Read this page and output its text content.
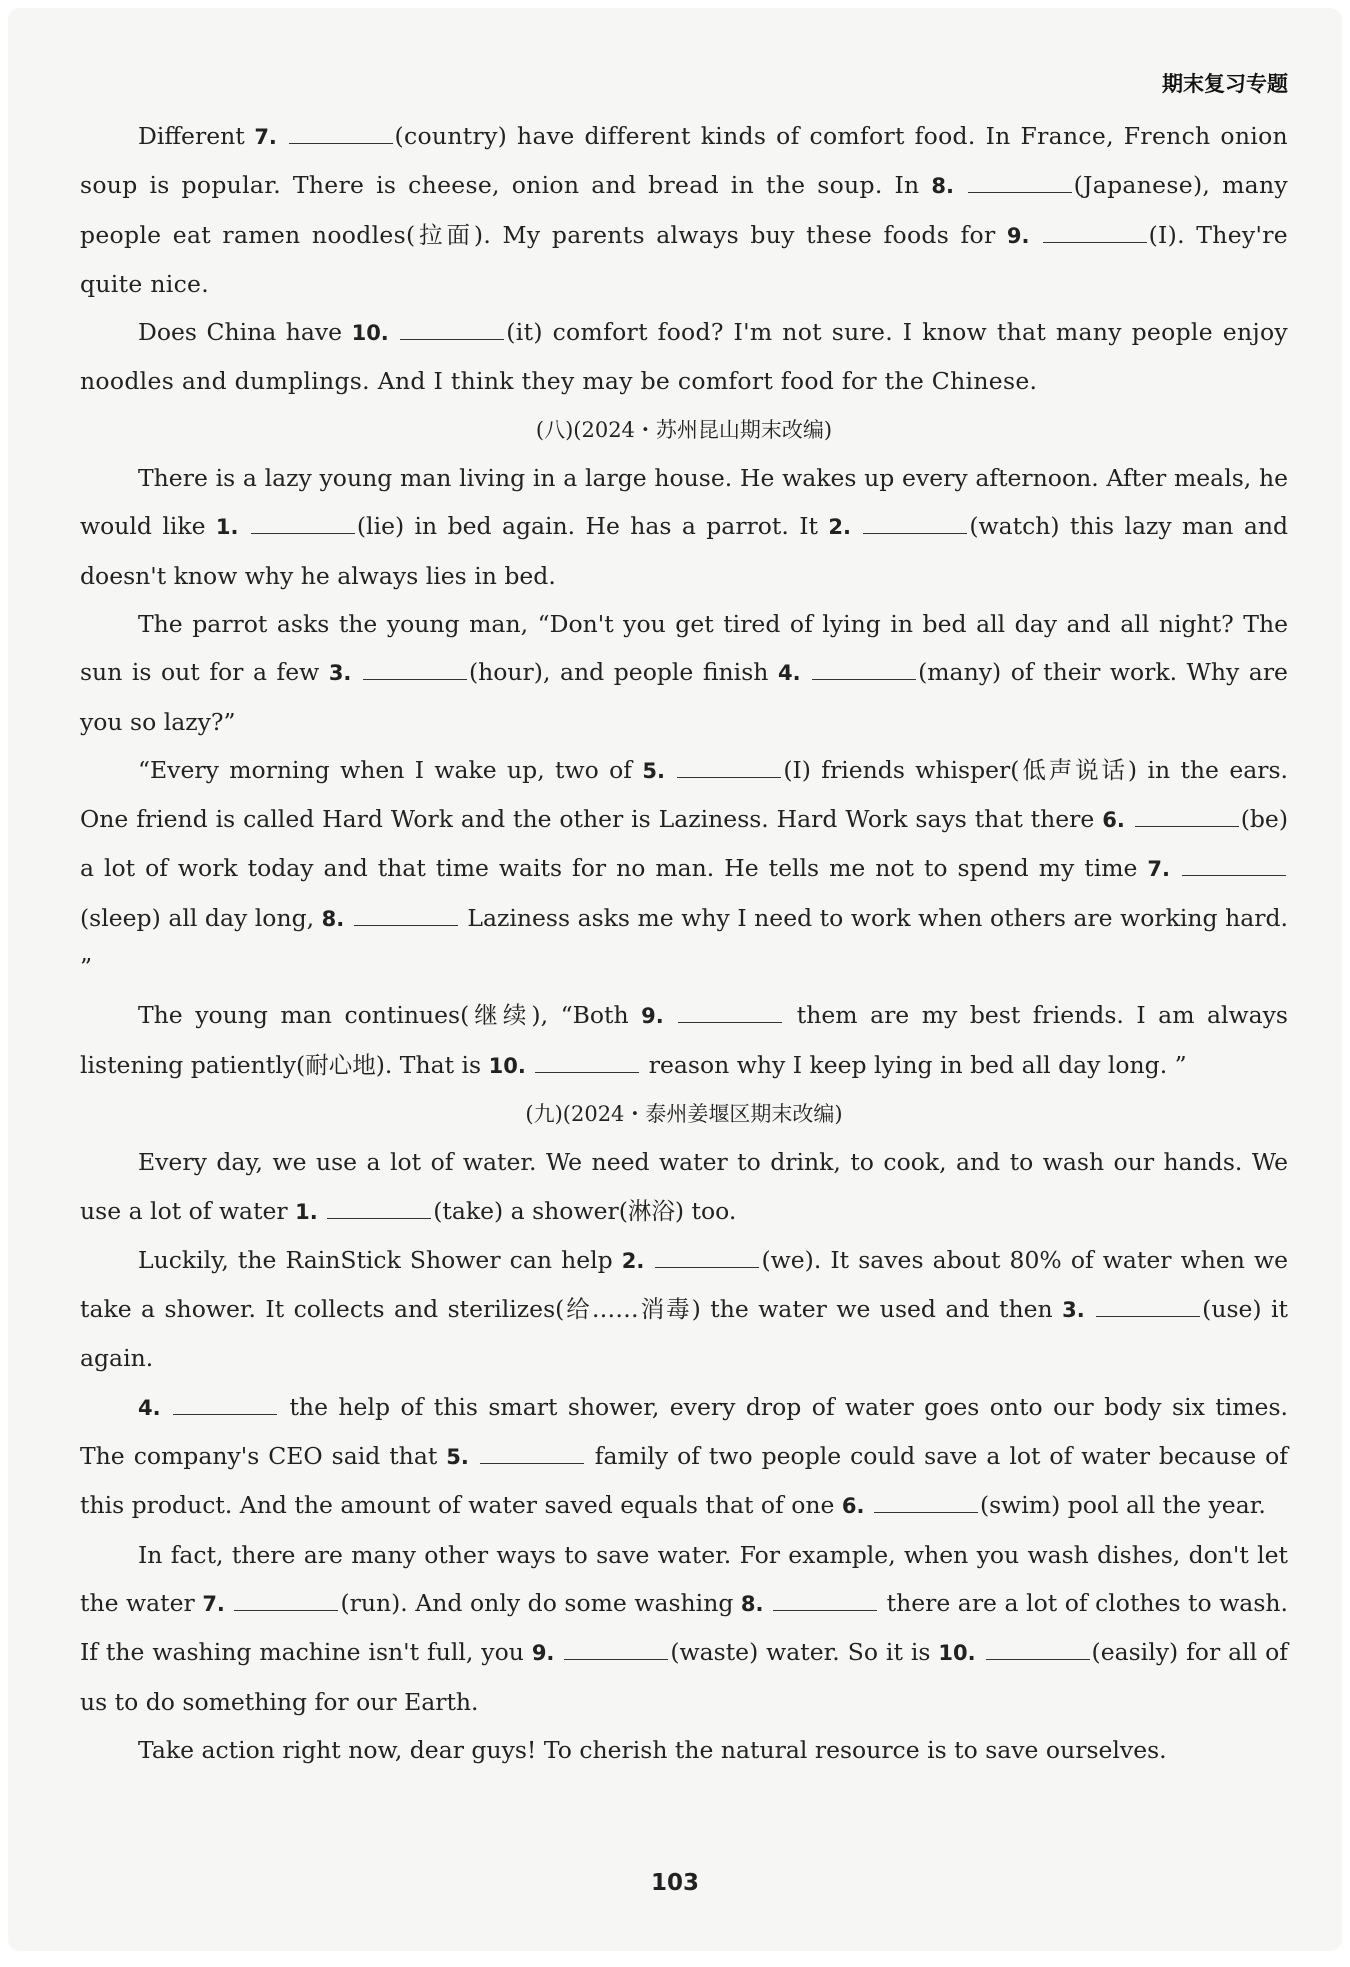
期末复习专题

Different 7.	(country) have different kinds of comfort food. In France, French onion soup is popular. There is cheese, onion and bread in the soup. In 8.	(Japanese), many people eat ramen noodles(拉面). My parents always buy these foods for 9.	(I). They're quite nice.

Does China have 10.	(it) comfort food? I'm not sure. I know that many people enjoy noodles and dumplings. And I think they may be comfort food for the Chinese.

(八)(2024・苏州昆山期末改编)

There is a lazy young man living in a large house. He wakes up every afternoon. After meals, he would like 1.	(lie) in bed again. He has a parrot. It 2.	(watch) this lazy man and doesn't know why he always lies in bed.

The parrot asks the young man, “Don't you get tired of lying in bed all day and all night? The sun is out for a few 3.	(hour), and people finish 4.	(many) of their work. Why are you so lazy?”

“Every morning when I wake up, two of 5.	(I) friends whisper(低声说话) in the ears. One friend is called Hard Work and the other is Laziness. Hard Work says that there 6.	(be) a lot of work today and that time waits for no man. He tells me not to spend my time 7. (sleep) all day long, 8.	Laziness asks me why I need to work when others are working hard. ”

The young man continues(继续), “Both 9.	them are my best friends. I am always listening patiently(耐心地). That is 10.	reason why I keep lying in bed all day long. ”

(九)(2024・泰州姜堰区期末改编)

Every day, we use a lot of water. We need water to drink, to cook, and to wash our hands. We use a lot of water 1.	(take) a shower(淋浴) too.

Luckily, the RainStick Shower can help 2.	(we). It saves about 80% of water when we take a shower. It collects and sterilizes(给……消毒) the water we used and then 3.	(use) it again.

4.	the help of this smart shower, every drop of water goes onto our body six times. The company's CEO said that 5.	family of two people could save a lot of water because of this product. And the amount of water saved equals that of one 6.	(swim) pool all the year.

In fact, there are many other ways to save water. For example, when you wash dishes, don't let the water 7.	(run). And only do some washing 8.	there are a lot of clothes to wash. If the washing machine isn't full, you 9.	(waste) water. So it is 10.	(easily) for all of us to do something for our Earth.

Take action right now, dear guys! To cherish the natural resource is to save ourselves.

103
